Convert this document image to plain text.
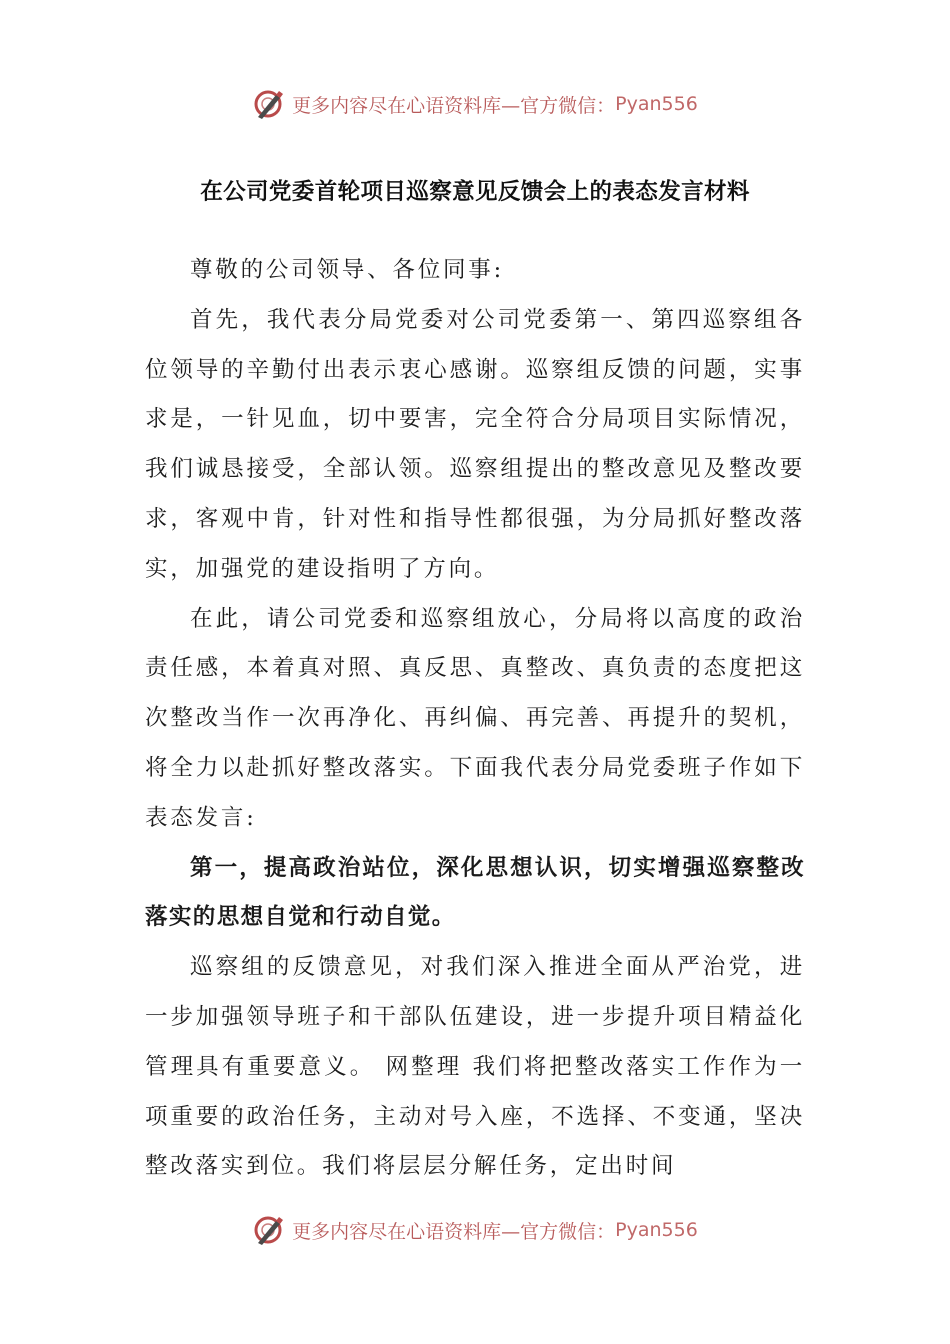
更多内容尽在心语资料库—官方微信： Pyan556
在公司党委首轮项目巡察意见反馈会上的表态发言材料

尊敬的公司领导、各位同事:

首先，我代表分局党委对公司党委第一、第四巡察组各位领导的辛勤付出表示衷心感谢。巡察组反馈的问题，实事求是，一针见血，切中要害，完全符合分局项目实际情况，我们诚恳接受，全部认领。巡察组提出的整改意见及整改要求，客观中肯，针对性和指导性都很强，为分局抓好整改落实，加强党的建设指明了方向。

在此，请公司党委和巡察组放心，分局将以高度的政治责任感，本着真对照、真反思、真整改、真负责的态度把这次整改当作一次再净化、再纠偏、再完善、再提升的契机，将全力以赴抓好整改落实。下面我代表分局党委班子作如下表态发言:

第一，提高政治站位，深化思想认识，切实增强巡察整改落实的思想自觉和行动自觉。

巡察组的反馈意见，对我们深入推进全面从严治党，进一步加强领导班子和干部队伍建设，进一步提升项目精益化管理具有重要意义。 网整理 我们将把整改落实工作作为一项重要的政治任务，主动对号入座，不选择、不变通，坚决整改落实到位。我们将层层分解任务，定出时间

更多内容尽在心语资料库—官方微信： Pyan556
